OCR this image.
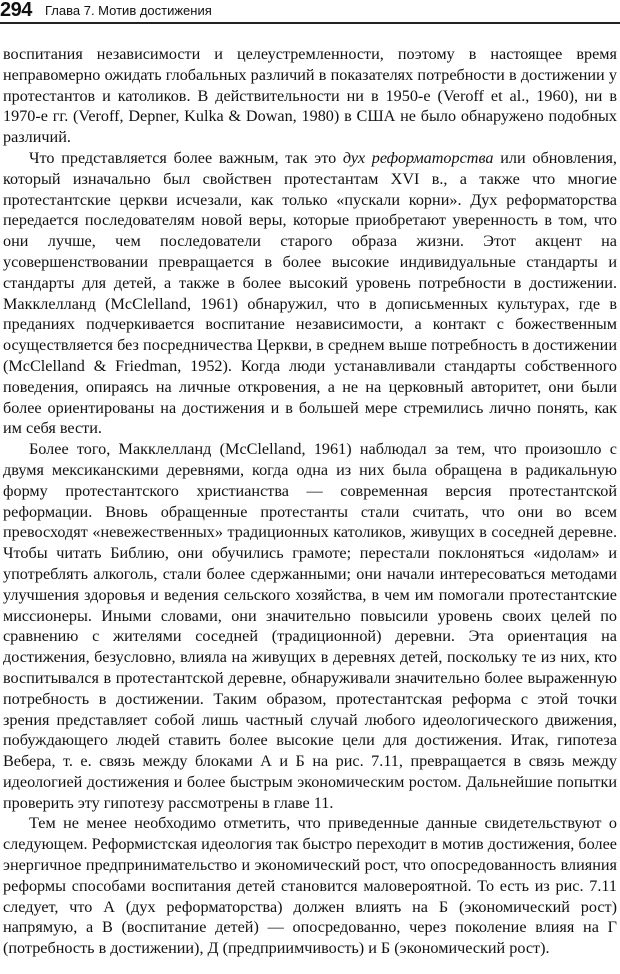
294 Глава 7. Мотив достижения

воспитания независимости и целеустремленности, поэтому в настоящее время неправомерно ожидать глобальных различий в показателях потребности в достижении у протестантов и католиков. В действительности ни в 1950-е (Veroff et al., 1960), ни в 1970-е гг. (Veroff, Depner, Kulka & Dowan, 1980) в США не было обнаружено подобных различий.

Что представляется более важным, так это дух реформаторства или обновления, который изначально был свойствен протестантам XVI в., а также что многие протестантские церкви исчезали, как только «пускали корни». Дух реформаторства передается последователям новой веры, которые приобретают уверенность в том, что они лучше, чем последователи старого образа жизни. Этот акцент на усовершенствовании превращается в более высокие индивидуальные стандарты и стандарты для детей, а также в более высокий уровень потребности в достижении. Макклелланд (McClelland, 1961) обнаружил, что в дописьменных культурах, где в преданиях подчеркивается воспитание независимости, а контакт с божественным осуществляется без посредничества Церкви, в среднем выше потребность в достижении (McClelland & Friedman, 1952). Когда люди устанавливали стандарты собственного поведения, опираясь на личные откровения, а не на церковный авторитет, они были более ориентированы на достижения и в большей мере стремились лично понять, как им себя вести.

Более того, Макклелланд (McClelland, 1961) наблюдал за тем, что произошло с двумя мексиканскими деревнями, когда одна из них была обращена в радикальную форму протестантского христианства — современная версия протестантской реформации. Вновь обращенные протестанты стали считать, что они во всем превосходят «невежественных» традиционных католиков, живущих в соседней деревне. Чтобы читать Библию, они обучились грамоте; перестали поклоняться «идолам» и употреблять алкоголь, стали более сдержанными; они начали интересоваться методами улучшения здоровья и ведения сельского хозяйства, в чем им помогали протестантские миссионеры. Иными словами, они значительно повысили уровень своих целей по сравнению с жителями соседней (традиционной) деревни. Эта ориентация на достижения, безусловно, влияла на живущих в деревнях детей, поскольку те из них, кто воспитывался в протестантской деревне, обнаруживали значительно более выраженную потребность в достижении. Таким образом, протестантская реформа с этой точки зрения представляет собой лишь частный случай любого идеологического движения, побуждающего людей ставить более высокие цели для достижения. Итак, гипотеза Вебера, т. е. связь между блоками А и Б на рис. 7.11, превращается в связь между идеологией достижения и более быстрым экономическим ростом. Дальнейшие попытки проверить эту гипотезу рассмотрены в главе 11.

Тем не менее необходимо отметить, что приведенные данные свидетельствуют о следующем. Реформистская идеология так быстро переходит в мотив достижения, более энергичное предпринимательство и экономический рост, что опосредованность влияния реформы способами воспитания детей становится маловероятной. То есть из рис. 7.11 следует, что А (дух реформаторства) должен влиять на Б (экономический рост) напрямую, а В (воспитание детей) — опосредованно, через поколение влияя на Г (потребность в достижении), Д (предприимчивость) и Б (экономический рост).
